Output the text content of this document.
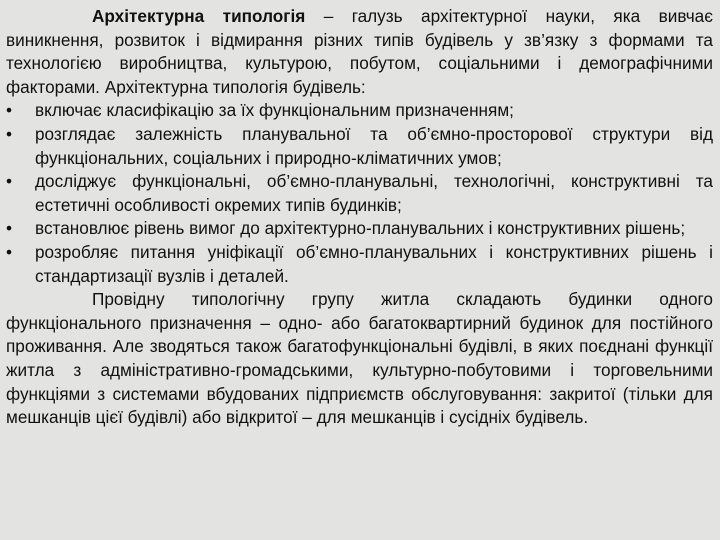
Архітектурна типологія – галузь архітектурної науки, яка вивчає виникнення, розвиток і відмирання різних типів будівель у зв’язку з формами та технологією виробництва, культурою, побутом, соціальними і демографічними факторами. Архітектурна типологія будівель:

•	включає класифікацію за їх функціональним призначенням;
•	розглядає залежність планувальної та об’ємно-просторової структури від функціональних, соціальних і природно-кліматичних умов;
•	досліджує функціональні, об’ємно-планувальні, технологічні, конструктивні та естетичні особливості окремих типів будинків;
•	встановлює рівень вимог до архітектурно-планувальних і конструктивних рішень;
•	розробляє питання уніфікації об’ємно-планувальних і конструктивних рішень і стандартизації вузлів і деталей.

Провідну типологічну групу житла складають будинки одного функціонального призначення – одно- або багатоквартирний будинок для постійного проживання. Але зводяться також багатофункціональні будівлі, в яких поєднані функції житла з адміністративно-громадськими, культурно-побутовими і торговельними функціями з системами вбудованих підприємств обслуговування: закритої (тільки для мешканців цієї будівлі) або відкритої – для мешканців і сусідніх будівель.
